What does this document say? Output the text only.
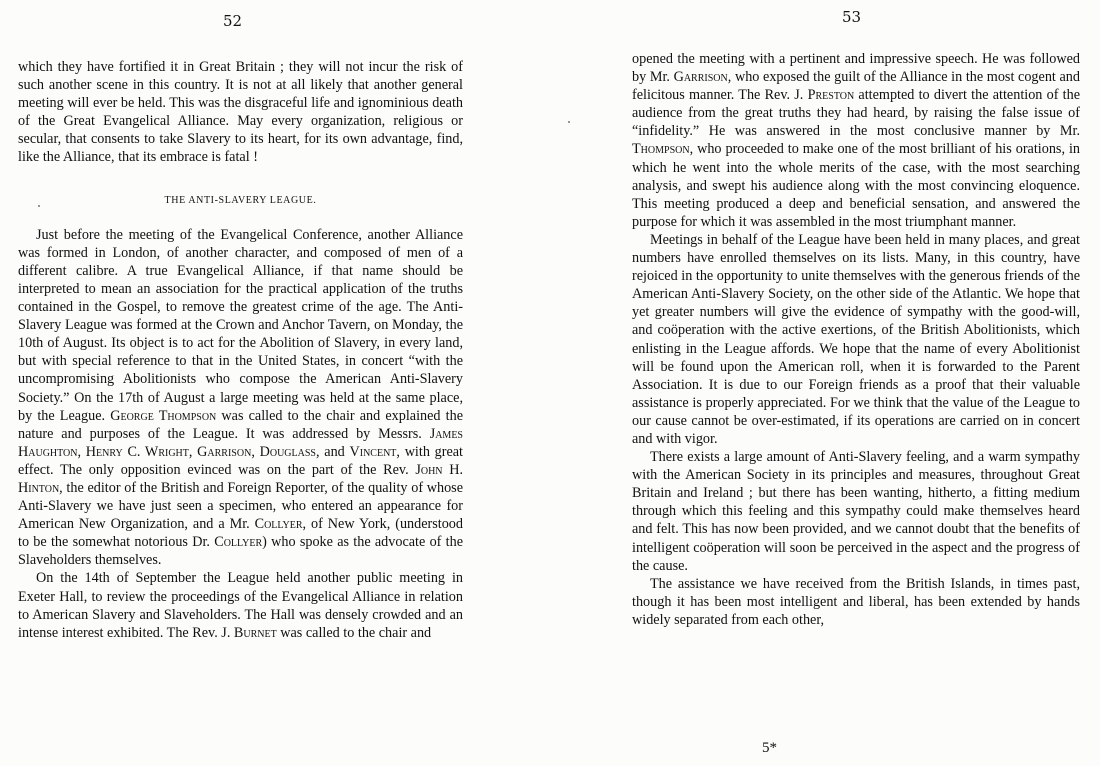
52

which they have fortified it in Great Britain ; they will not incur the risk of such another scene in this country. It is not at all likely that another general meeting will ever be held. This was the disgraceful life and ignominious death of the Great Evangelical Alliance. May every organization, religious or secular, that consents to take Slavery to its heart, for its own advantage, find, like the Alliance, that its embrace is fatal !

THE ANTI-SLAVERY LEAGUE.

Just before the meeting of the Evangelical Conference, another Alliance was formed in London, of another character, and composed of men of a different calibre. A true Evangelical Alliance, if that name should be interpreted to mean an association for the practical application of the truths contained in the Gospel, to remove the greatest crime of the age. The Anti-Slavery League was formed at the Crown and Anchor Tavern, on Monday, the 10th of August. Its object is to act for the Abolition of Slavery, in every land, but with special reference to that in the United States, in concert “with the uncompromising Abolitionists who compose the American Anti-Slavery Society.” On the 17th of August a large meeting was held at the same place, by the League. George Thompson was called to the chair and explained the nature and purposes of the League. It was addressed by Messrs. James Haughton, Henry C. Wright, Garrison, Douglass, and Vincent, with great effect. The only opposition evinced was on the part of the Rev. John H. Hinton, the editor of the British and Foreign Reporter, of the quality of whose Anti-Slavery we have just seen a specimen, who entered an appearance for American New Organization, and a Mr. Collyer, of New York, (understood to be the somewhat notorious Dr. Collyer) who spoke as the advocate of the Slaveholders themselves.

On the 14th of September the League held another public meeting in Exeter Hall, to review the proceedings of the Evangelical Alliance in relation to American Slavery and Slaveholders. The Hall was densely crowded and an intense interest exhibited. The Rev. J. Burnet was called to the chair and

53

opened the meeting with a pertinent and impressive speech. He was followed by Mr. Garrison, who exposed the guilt of the Alliance in the most cogent and felicitous manner. The Rev. J. Preston attempted to divert the attention of the audience from the great truths they had heard, by raising the false issue of “infidelity.” He was answered in the most conclusive manner by Mr. Thompson, who proceeded to make one of the most brilliant of his orations, in which he went into the whole merits of the case, with the most searching analysis, and swept his audience along with the most convincing eloquence. This meeting produced a deep and beneficial sensation, and answered the purpose for which it was assembled in the most triumphant manner.

Meetings in behalf of the League have been held in many places, and great numbers have enrolled themselves on its lists. Many, in this country, have rejoiced in the opportunity to unite themselves with the generous friends of the American Anti-Slavery Society, on the other side of the Atlantic. We hope that yet greater numbers will give the evidence of sympathy with the good-will, and coöperation with the active exertions, of the British Abolitionists, which enlisting in the League affords. We hope that the name of every Abolitionist will be found upon the American roll, when it is forwarded to the Parent Association. It is due to our Foreign friends as a proof that their valuable assistance is properly appreciated. For we think that the value of the League to our cause cannot be over-estimated, if its operations are carried on in concert and with vigor.

There exists a large amount of Anti-Slavery feeling, and a warm sympathy with the American Society in its principles and measures, throughout Great Britain and Ireland ; but there has been wanting, hitherto, a fitting medium through which this feeling and this sympathy could make themselves heard and felt. This has now been provided, and we cannot doubt that the benefits of intelligent coöperation will soon be perceived in the aspect and the progress of the cause.

The assistance we have received from the British Islands, in times past, though it has been most intelligent and liberal, has been extended by hands widely separated from each other,

5*
